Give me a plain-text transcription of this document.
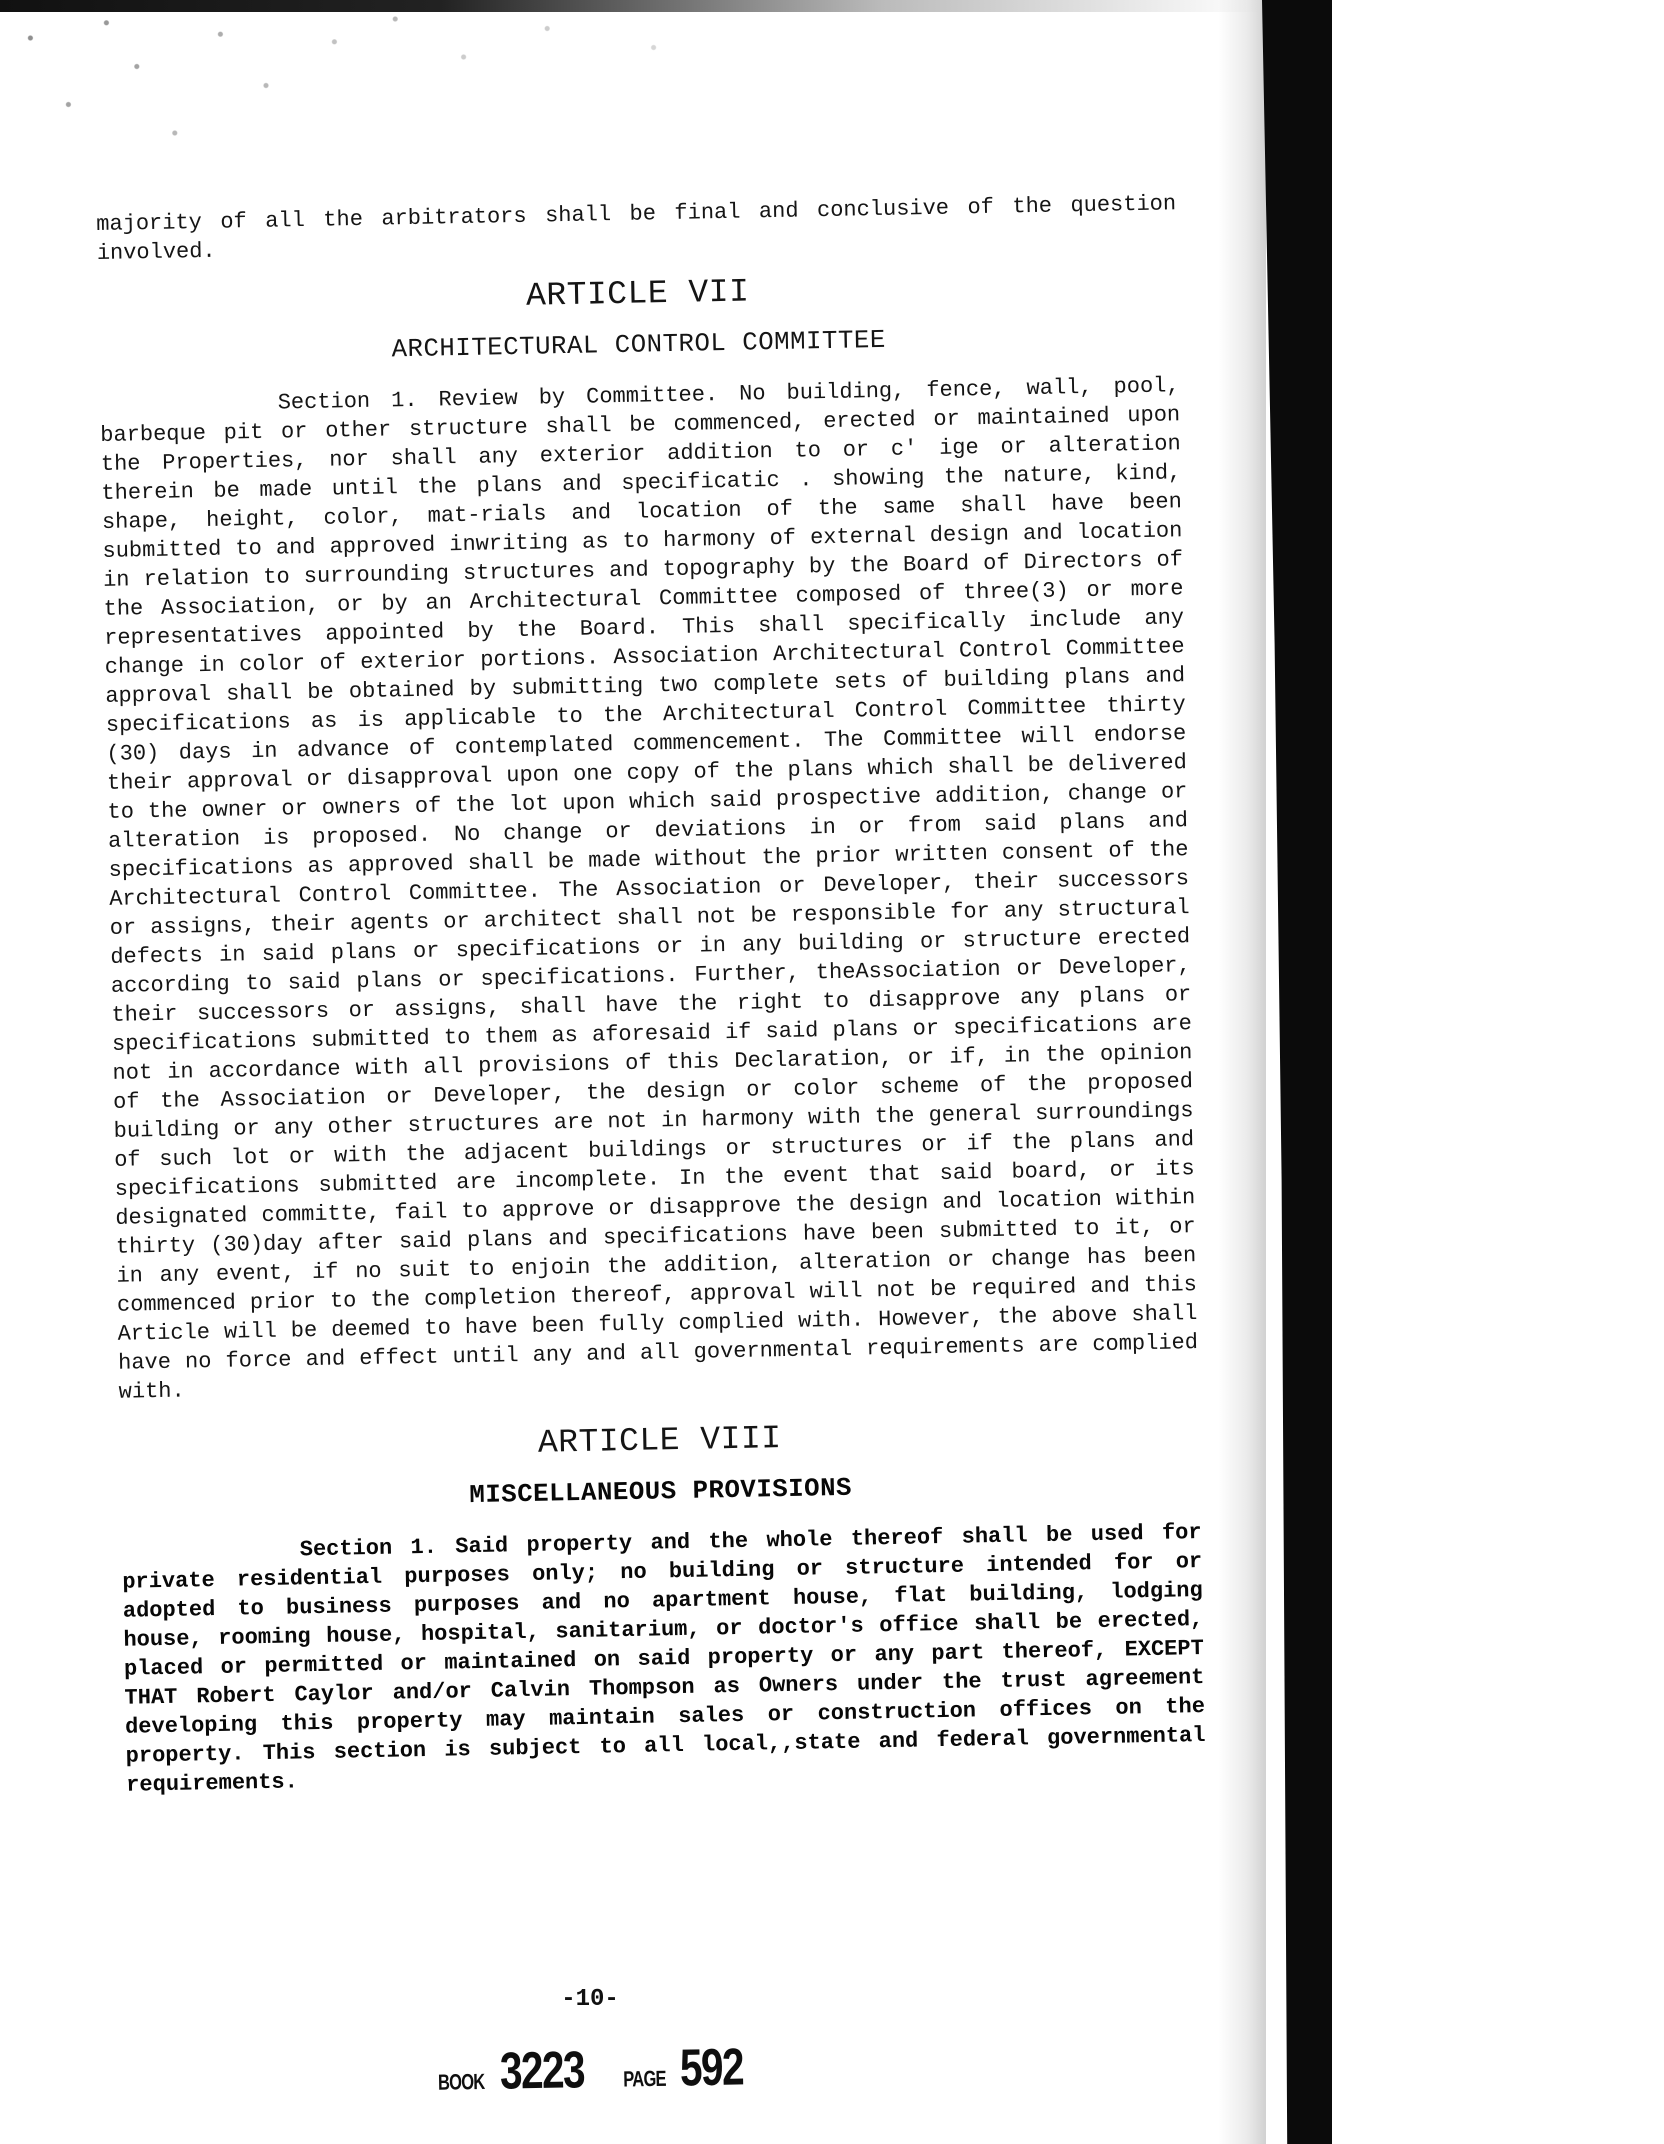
majority of all the arbitrators shall be final and conclusive of the question involved.

ARTICLE VII
ARCHITECTURAL CONTROL COMMITTEE

Section 1. Review by Committee. No building, fence, wall, pool, barbeque pit or other structure shall be commenced, erected or maintained upon the Properties, nor shall any exterior addition to or c' ige or alteration therein be made until the plans and specificatic . showing the nature, kind, shape, height, color, mat-rials and location of the same shall have been submitted to and approved inwriting as to harmony of external design and location in relation to surrounding structures and topography by the Board of Directors of the Association, or by an Architectural Committee composed of three(3) or more representatives appointed by the Board. This shall specifically include any change in color of exterior portions. Association Architectural Control Committee approval shall be obtained by submitting two complete sets of building plans and specifications as is applicable to the Architectural Control Committee thirty (30) days in advance of contemplated commencement. The Committee will endorse their approval or disapproval upon one copy of the plans which shall be delivered to the owner or owners of the lot upon which said prospective addition, change or alteration is proposed. No change or deviations in or from said plans and specifications as approved shall be made without the prior written consent of the Architectural Control Committee. The Association or Developer, their successors or assigns, their agents or architect shall not be responsible for any structural defects in said plans or specifications or in any building or structure erected according to said plans or specifications. Further, theAssociation or Developer, their successors or assigns, shall have the right to disapprove any plans or specifications submitted to them as aforesaid if said plans or specifications are not in accordance with all provisions of this Declaration, or if, in the opinion of the Association or Developer, the design or color scheme of the proposed building or any other structures are not in harmony with the general surroundings of such lot or with the adjacent buildings or structures or if the plans and specifications submitted are incomplete. In the event that said board, or its designated committe, fail to approve or disapprove the design and location within thirty (30)day after said plans and specifications have been submitted to it, or in any event, if no suit to enjoin the addition, alteration or change has been commenced prior to the completion thereof, approval will not be required and this Article will be deemed to have been fully complied with. However, the above shall have no force and effect until any and all governmental requirements are complied with.

ARTICLE VIII
MISCELLANEOUS PROVISIONS

Section 1. Said property and the whole thereof shall be used for private residential purposes only; no building or structure intended for or adopted to business purposes and no apartment house, flat building, lodging house, rooming house, hospital, sanitarium, or doctor's office shall be erected, placed or permitted or maintained on said property or any part thereof, EXCEPT THAT Robert Caylor and/or Calvin Thompson as Owners under the trust agreement developing this property may maintain sales or construction offices on the property. This section is subject to all local,,state and federal governmental requirements.

-10-
BOOK 3223 PAGE 592
